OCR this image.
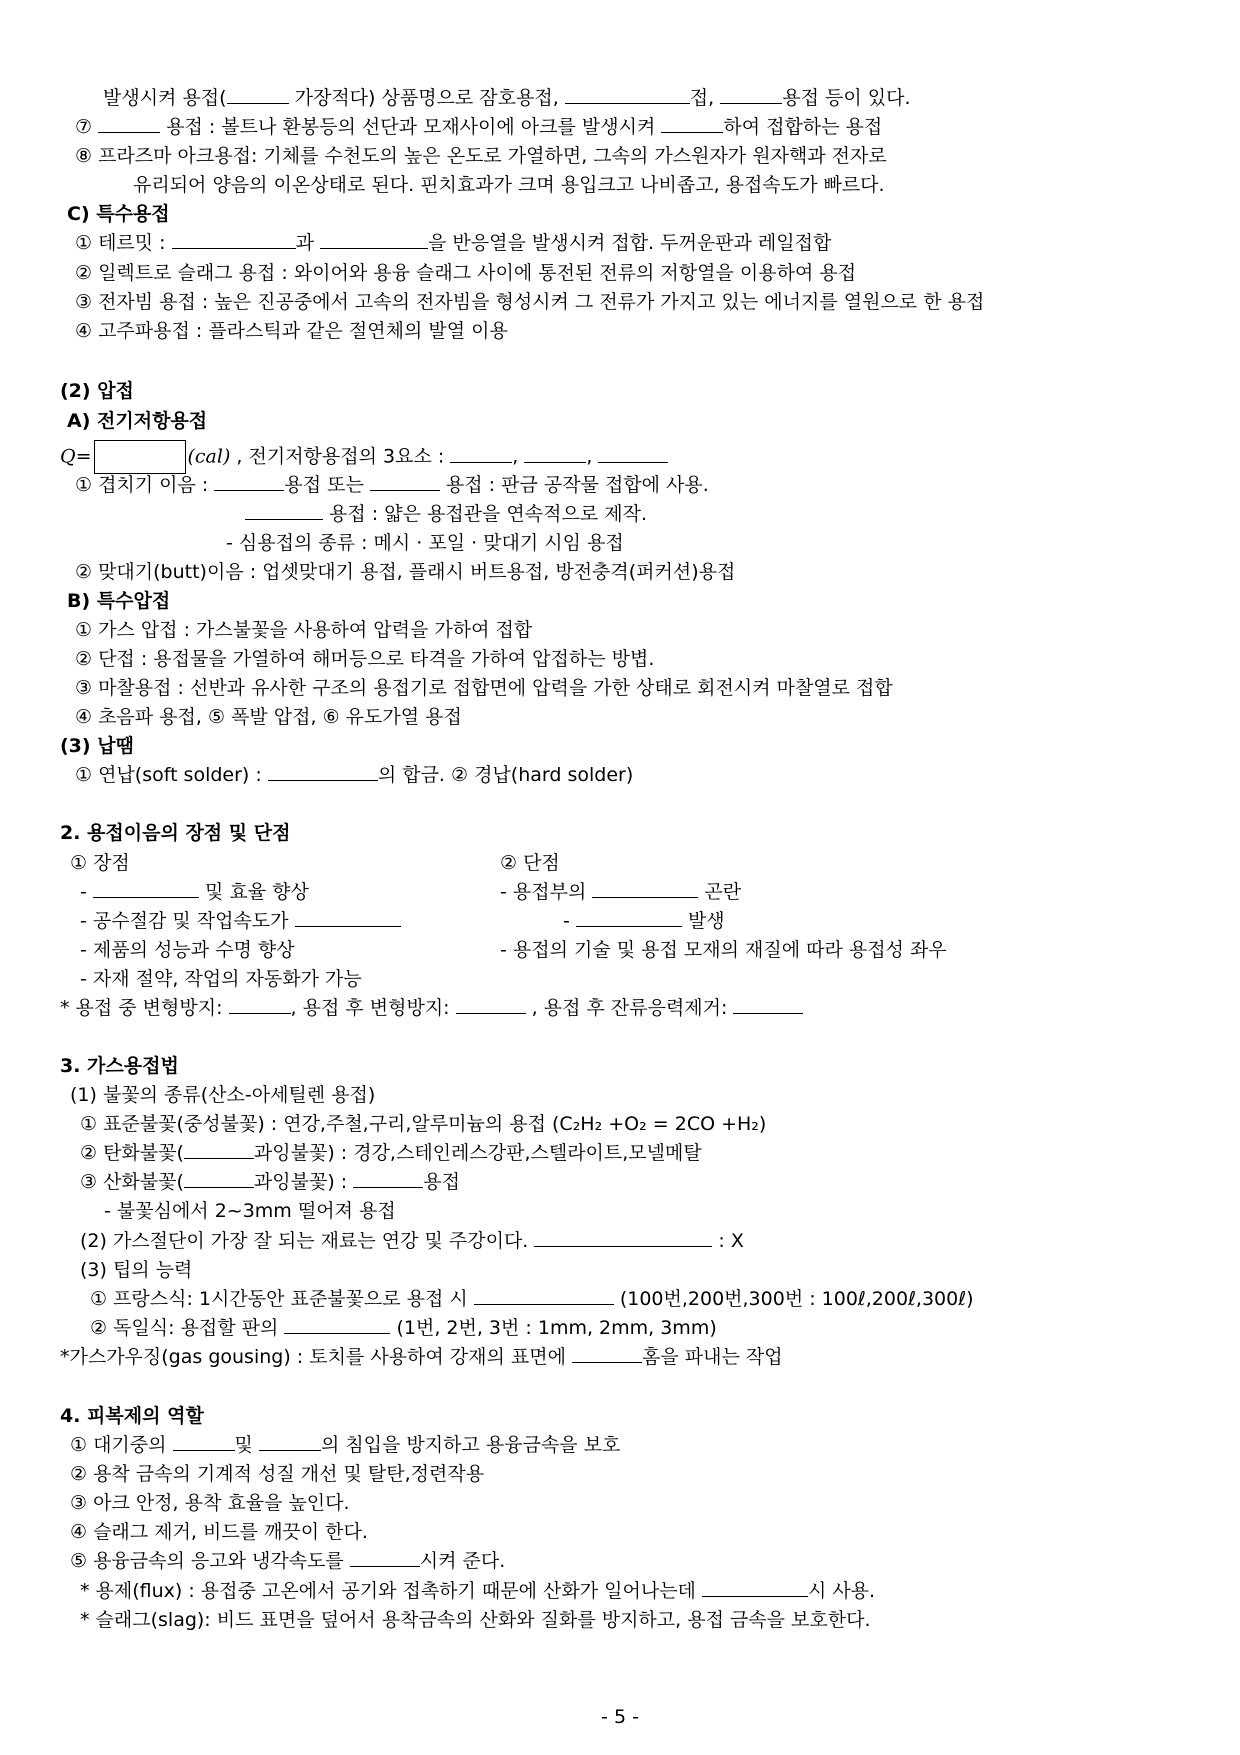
발생시켜 용접(	가장적다) 상품명으로 잠호용접,	접,	용접 등이 있다.
⑦	용접 : 볼트나 환봉등의 선단과 모재사이에 아크를 발생시켜	하여 접합하는 용접
⑧ 프라즈마 아크용접: 기체를 수천도의 높은 온도로 가열하면, 그속의 가스원자가 원자핵과 전자로
유리되어 양음의 이온상태로 된다. 핀치효과가 크며 용입크고 나비좁고, 용접속도가 빠르다.
C) 특수용접
① 테르밋 :	과	을 반응열을 발생시켜 접합. 두꺼운판과 레일접합
② 일렉트로 슬래그 용접 : 와이어와 용융 슬래그 사이에 통전된 전류의 저항열을 이용하여 용접
③ 전자빔 용접 : 높은 진공중에서 고속의 전자빔을 형성시켜 그 전류가 가지고 있는 에너지를 열원으로 한 용접
④ 고주파용접 : 플라스틱과 같은 절연체의 발열 이용
(2) 압접
A) 전기저항용접
Q=	(cal) , 전기저항용접의 3요소 :	,	,
① 겹치기 이음 :	용접 또는	용접 : 판금 공작물 접합에 사용.
용접 : 얇은 용접관을 연속적으로 제작.
- 심용접의 종류 : 메시 · 포일 · 맞대기 시임 용접
② 맞대기(butt)이음 : 업셋맞대기 용접, 플래시 버트용접, 방전충격(퍼커션)용접
B) 특수압접
① 가스 압접 : 가스불꽃을 사용하여 압력을 가하여 접합
② 단접 : 용접물을 가열하여 해머등으로 타격을 가하여 압접하는 방볍.
③ 마찰용접 : 선반과 유사한 구조의 용접기로 접합면에 압력을 가한 상태로 회전시켜 마찰열로 접합
④ 초음파 용접, ⑤ 폭발 압접, ⑥ 유도가열 용접
(3) 납땜
① 연납(soft solder) :	의 합금. ② 경납(hard solder)
2. 용접이음의 장점 및 단점
① 장점	② 단점
-	및 효율 향상	- 용접부의	곤란
- 공수절감 및 작업속도가	-	발생
- 제품의 성능과 수명 향상	- 용접의 기술 및 용접 모재의 재질에 따라 용접성 좌우
- 자재 절약, 작업의 자동화가 가능
* 용접 중 변형방지:	, 용접 후 변형방지:	, 용접 후 잔류응력제거:
3. 가스용접법
(1) 불꽃의 종류(산소-아세틸렌 용접)
① 표준불꽃(중성불꽃) : 연강,주철,구리,알루미늄의 용접 (C₂H₂ +O₂ = 2CO +H₂)
② 탄화불꽃(	과잉불꽃) : 경강,스테인레스강판,스텔라이트,모넬메탈
③ 산화불꽃(	과잉불꽃) :	용접
- 불꽃심에서 2~3mm 떨어져 용접
(2) 가스절단이 가장 잘 되는 재료는 연강 및 주강이다.	: X
(3) 팁의 능력
① 프랑스식: 1시간동안 표준불꽃으로 용접 시	(100번,200번,300번 : 100ℓ,200ℓ,300ℓ)
② 독일식: 용접할 판의	(1번, 2번, 3번 : 1mm, 2mm, 3mm)
*가스가우징(gas gousing) : 토치를 사용하여 강재의 표면에	홈을 파내는 작업
4. 피복제의 역할
① 대기중의	및	의 침입을 방지하고 용융금속을 보호
② 용착 금속의 기계적 성질 개선 및 탈탄,정련작용
③ 아크 안정, 용착 효율을 높인다.
④ 슬래그 제거, 비드를 깨끗이 한다.
⑤ 용융금속의 응고와 냉각속도를	시켜 준다.
* 용제(flux) : 용접중 고온에서 공기와 접촉하기 때문에 산화가 일어나는데	시 사용.
* 슬래그(slag): 비드 표면을 덮어서 용착금속의 산화와 질화를 방지하고, 용접 금속을 보호한다.
- 5 -
